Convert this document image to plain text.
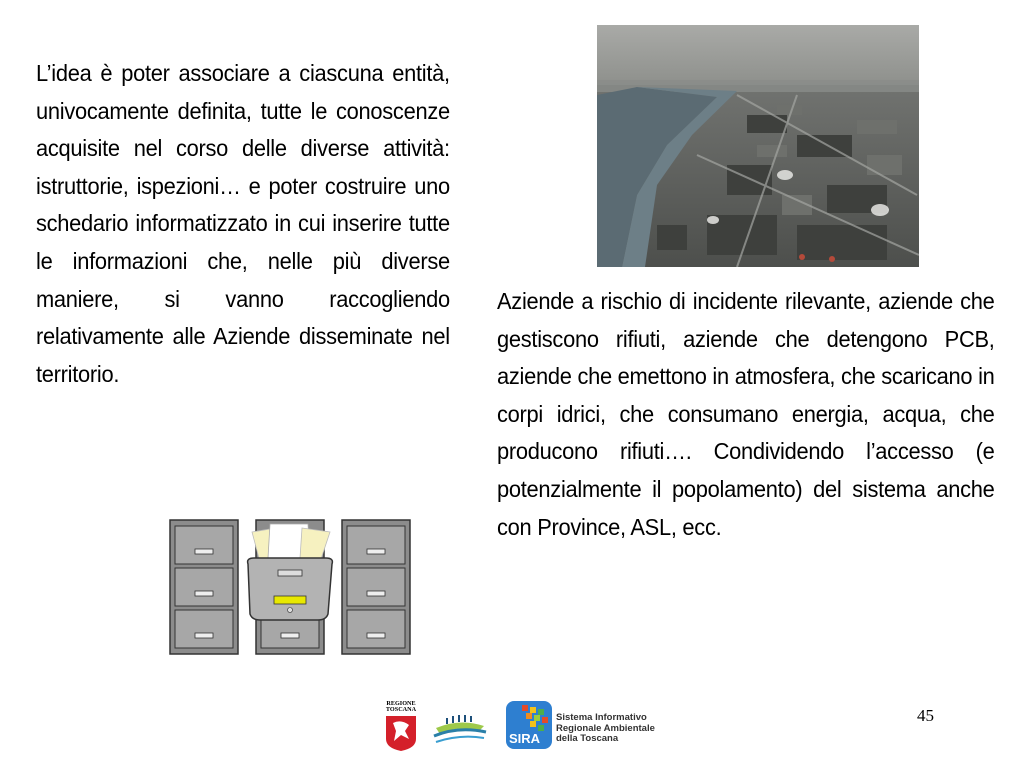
L’idea è poter associare a ciascuna entità, univocamente definita, tutte le conoscenze acquisite nel corso delle diverse attività: istruttorie, ispezioni… e poter costruire uno schedario informatizzato in cui inserire tutte le informazioni che, nelle più diverse maniere, si vanno raccogliendo relativamente alle Aziende disseminate nel territorio.

Aziende a rischio di incidente rilevante, aziende che gestiscono rifiuti, aziende che detengono PCB, aziende che emettono in atmosfera, che scaricano in corpi idrici, che consumano energia, acqua, che producono rifiuti…. Condividendo l’accesso (e potenzialmente il popolamento) del sistema anche con Province, ASL, ecc.

REGIONE
TOSCANA
SIRA
Sistema Informativo
Regionale Ambientale
della Toscana
45
